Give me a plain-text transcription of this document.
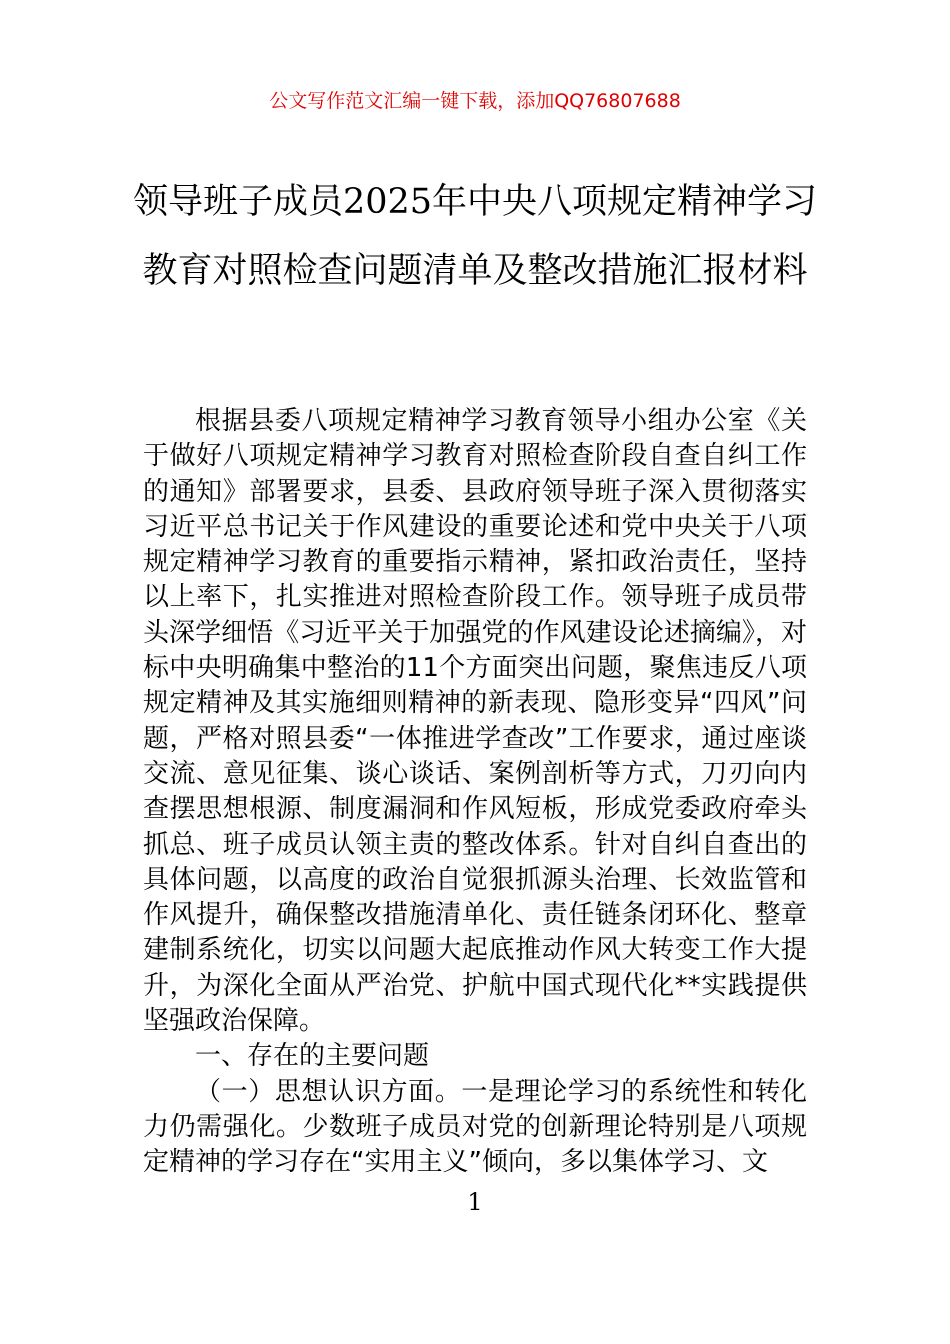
公文写作范文汇编一键下载，添加QQ76807688
领导班子成员2025年中央八项规定精神学习教育对照检查问题清单及整改措施汇报材料

根据县委八项规定精神学习教育领导小组办公室《关于做好八项规定精神学习教育对照检查阶段自查自纠工作的通知》部署要求，县委、县政府领导班子深入贯彻落实习近平总书记关于作风建设的重要论述和党中央关于八项规定精神学习教育的重要指示精神，紧扣政治责任，坚持以上率下，扎实推进对照检查阶段工作。领导班子成员带头深学细悟《习近平关于加强党的作风建设论述摘编》，对标中央明确集中整治的11个方面突出问题，聚焦违反八项规定精神及其实施细则精神的新表现、隐形变异“四风”问题，严格对照县委“一体推进学查改”工作要求，通过座谈交流、意见征集、谈心谈话、案例剖析等方式，刀刃向内查摆思想根源、制度漏洞和作风短板，形成党委政府牵头抓总、班子成员认领主责的整改体系。针对自纠自查出的具体问题，以高度的政治自觉狠抓源头治理、长效监管和作风提升，确保整改措施清单化、责任链条闭环化、整章建制系统化，切实以问题大起底推动作风大转变工作大提升，为深化全面从严治党、护航中国式现代化**实践提供坚强政治保障。

一、存在的主要问题

（一）思想认识方面。一是理论学习的系统性和转化力仍需强化。少数班子成员对党的创新理论特别是八项规定精神的学习存在“实用主义”倾向，多以集体学习、文

1
